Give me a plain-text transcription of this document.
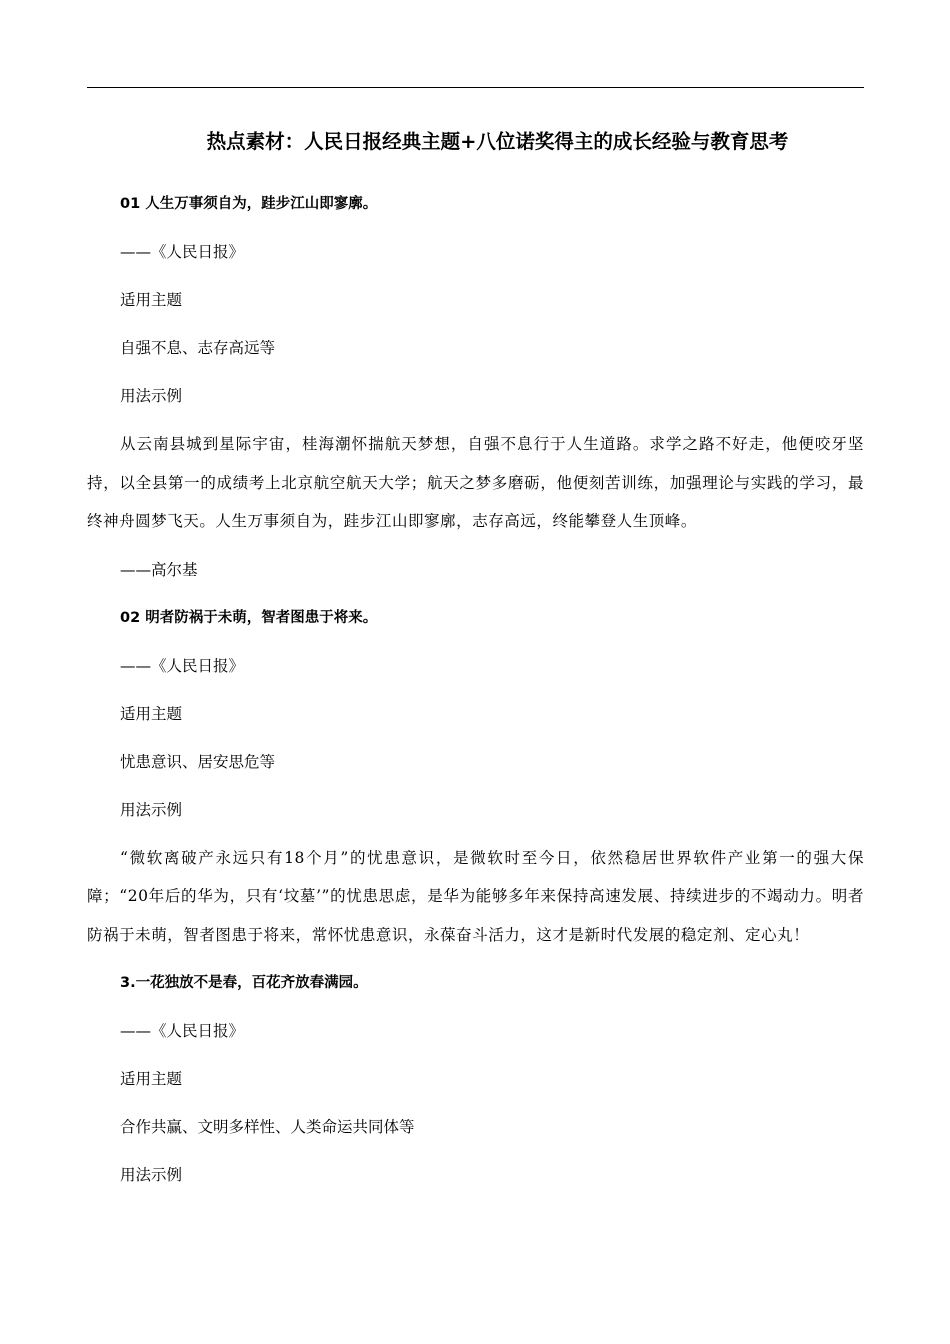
热点素材：人民日报经典主题+八位诺奖得主的成长经验与教育思考

01 人生万事须自为，跬步江山即寥廓。

——《人民日报》

适用主题

自强不息、志存高远等

用法示例

从云南县城到星际宇宙，桂海潮怀揣航天梦想，自强不息行于人生道路。求学之路不好走，他便咬牙坚持，以全县第一的成绩考上北京航空航天大学；航天之梦多磨砺，他便刻苦训练，加强理论与实践的学习，最终神舟圆梦飞天。人生万事须自为，跬步江山即寥廓，志存高远，终能攀登人生顶峰。

——高尔基

02 明者防祸于未萌，智者图患于将来。

——《人民日报》

适用主题

忧患意识、居安思危等

用法示例

“微软离破产永远只有18个月”的忧患意识，是微软时至今日，依然稳居世界软件产业第一的强大保障；“20年后的华为，只有‘坟墓’”的忧患思虑，是华为能够多年来保持高速发展、持续进步的不竭动力。明者防祸于未萌，智者图患于将来，常怀忧患意识，永葆奋斗活力，这才是新时代发展的稳定剂、定心丸！

3.一花独放不是春，百花齐放春满园。

——《人民日报》

适用主题

合作共赢、文明多样性、人类命运共同体等

用法示例
